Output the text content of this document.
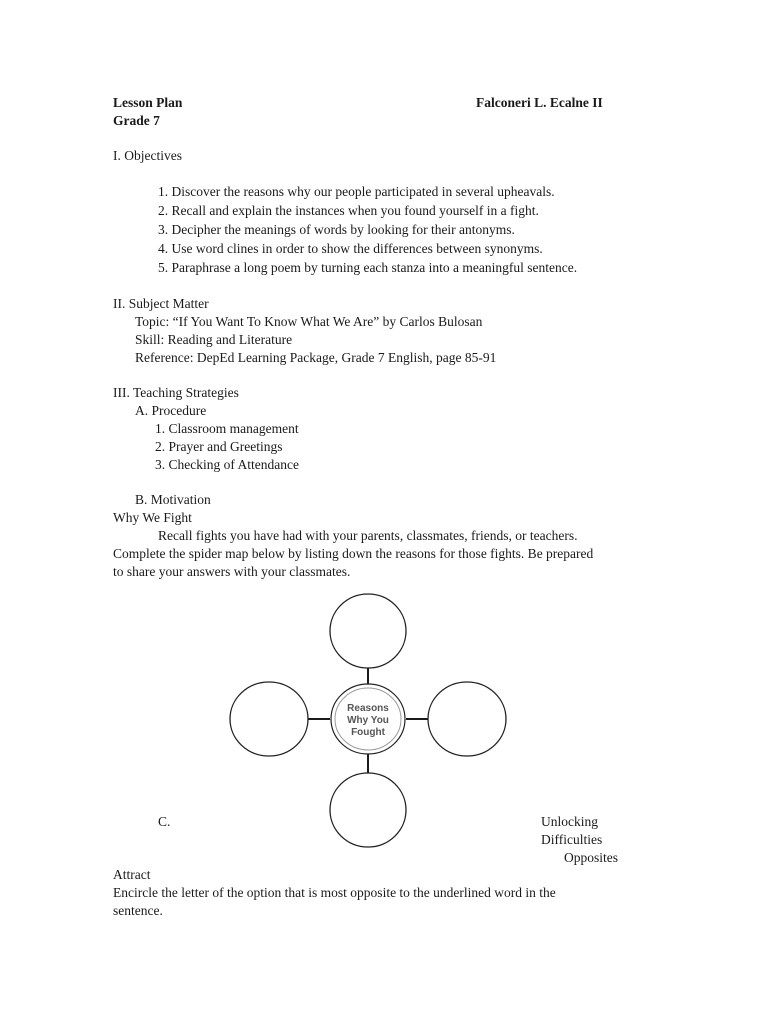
Lesson Plan	Falconeri L. Ecalne II
Grade 7
I. Objectives
1. Discover the reasons why our people participated in several upheavals.
2. Recall and explain the instances when you found yourself in a fight.
3. Decipher the meanings of words by looking for their antonyms.
4. Use word clines in order to show the differences between synonyms.
5. Paraphrase a long poem by turning each stanza into a meaningful sentence.
II. Subject Matter
Topic: “If You Want To Know What We Are” by Carlos Bulosan
Skill: Reading and Literature
Reference: DepEd Learning Package, Grade 7 English, page 85-91
III. Teaching Strategies
A. Procedure
1. Classroom management
2. Prayer and Greetings
3. Checking of Attendance
B. Motivation
Why We Fight
Recall fights you have had with your parents, classmates, friends, or teachers.
Complete the spider map below by listing down the reasons for those fights. Be prepared
to share your answers with your classmates.
Reasons
Why You
Fought
C.	Unlocking
Difficulties
Opposites
Attract
Encircle the letter of the option that is most opposite to the underlined word in the
sentence.
